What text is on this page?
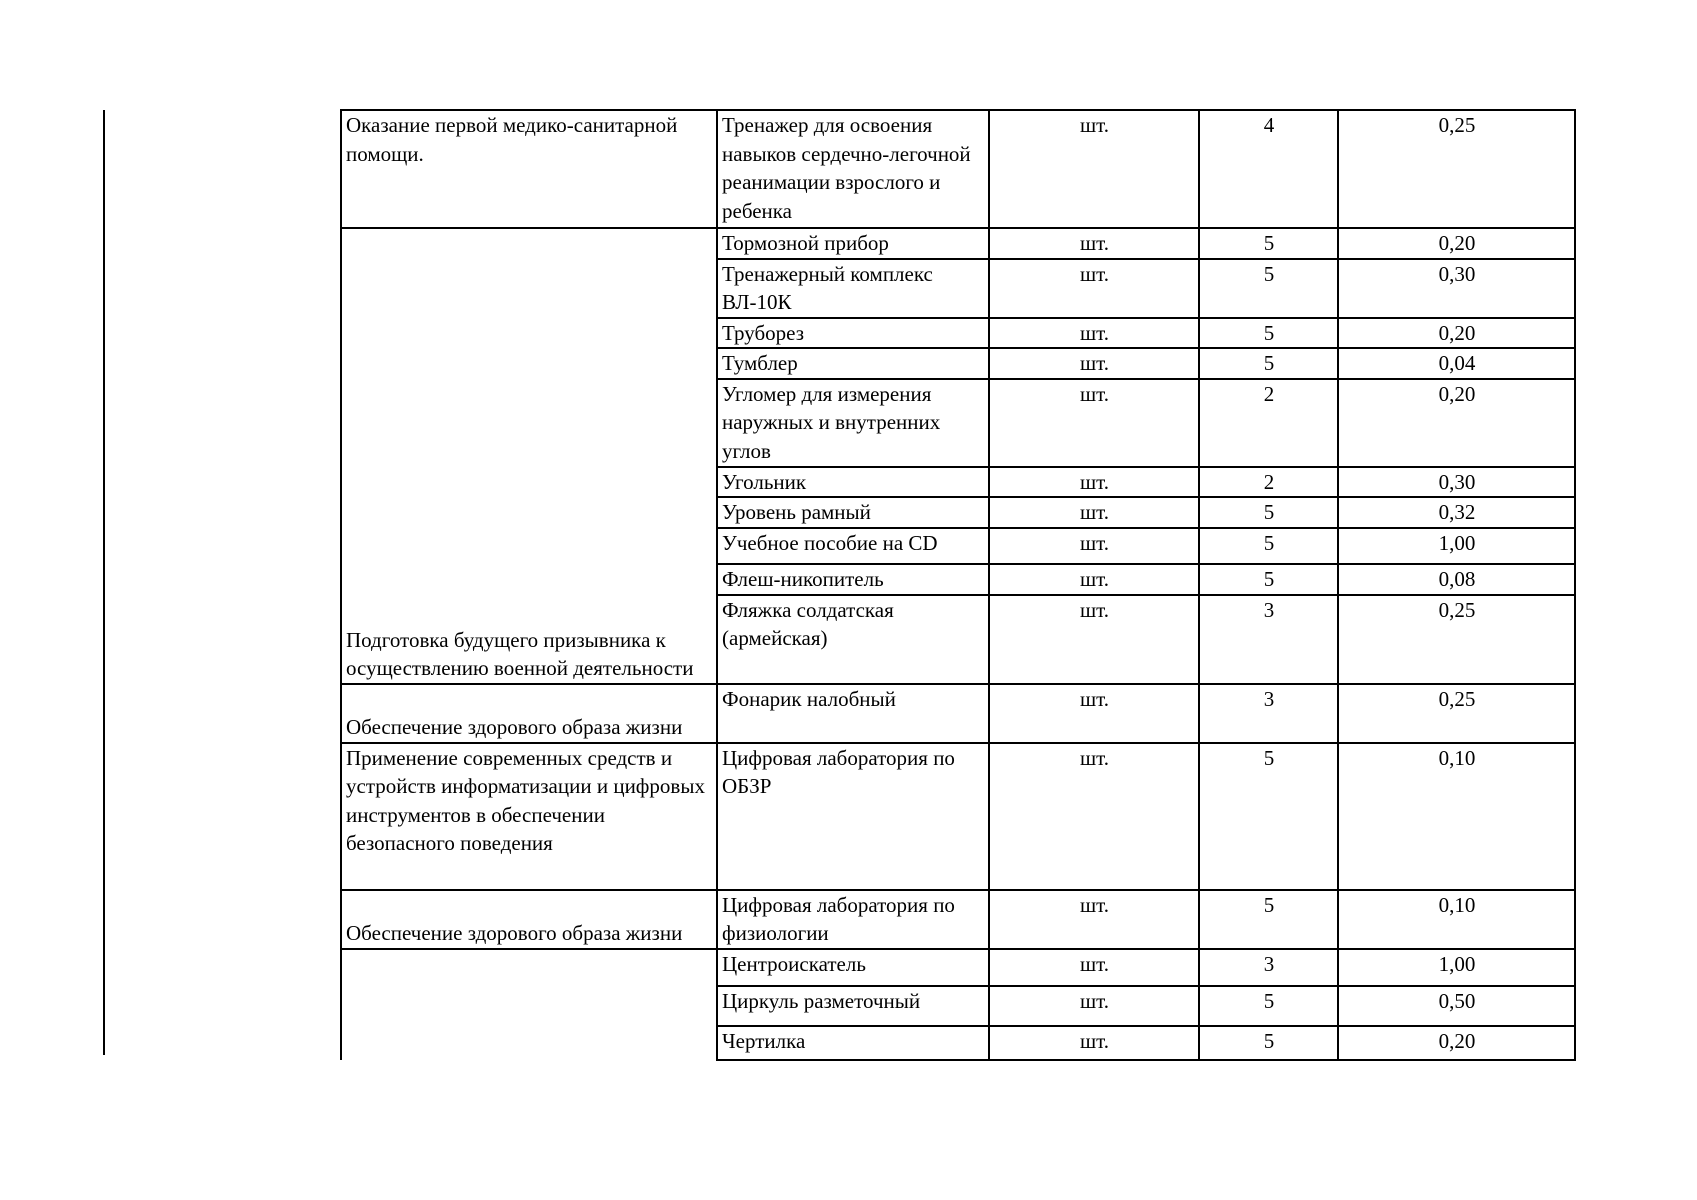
Оказание первой медико-санитарной помощи.	Тренажер для освоения навыков сердечно-легочной реанимации взрослого и ребенка	шт.	4	0,25
Подготовка будущего призывника к осуществлению военной деятельности	Тормозной прибор	шт.	5	0,20
	Тренажерный комплекс ВЛ-10К	шт.	5	0,30
	Труборез	шт.	5	0,20
	Тумблер	шт.	5	0,04
	Угломер для измерения наружных и внутренних углов	шт.	2	0,20
	Угольник	шт.	2	0,30
	Уровень рамный	шт.	5	0,32
	Учебное пособие на CD	шт.	5	1,00
	Флеш-никопитель	шт.	5	0,08
	Фляжка солдатская (армейская)	шт.	3	0,25
Обеспечение здорового образа жизни	Фонарик налобный	шт.	3	0,25
Применение современных средств и устройств информатизации и цифровых инструментов в обеспечении безопасного поведения	Цифровая лаборатория по ОБЗР	шт.	5	0,10
Обеспечение здорового образа жизни	Цифровая лаборатория по физиологии	шт.	5	0,10
	Центроискатель	шт.	3	1,00
	Циркуль разметочный	шт.	5	0,50
	Чертилка	шт.	5	0,20
